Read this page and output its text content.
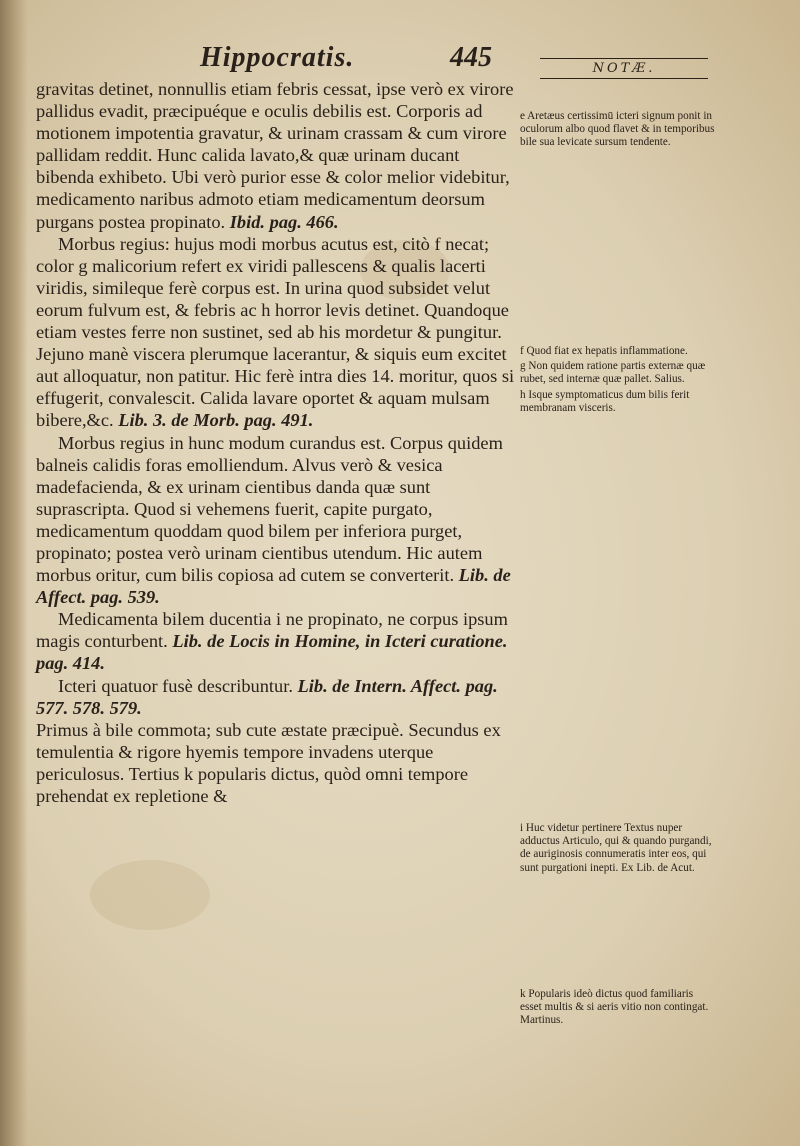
Hippocratis.	445	NOTÆ.

gravitas detinet, nonnullis etiam febris cessat, ipse verò ex virore pallidus evadit, præcipuéque e oculis debilis est. Corporis ad motionem impotentia gravatur, & urinam crassam & cum virore pallidam reddit. Hunc calida lavato,& quæ urinam ducant bibenda exhibeto. Ubi verò purior esse & color melior videbitur, medicamento naribus admoto etiam medicamentum deorsum purgans postea propinato. Ibid. pag. 466.

Morbus regius: hujus modi morbus acutus est, citò f necat; color g malicorium refert ex viridi pallescens & qualis lacerti viridis, simileque ferè corpus est. In urina quod subsidet velut eorum fulvum est, & febris ac h horror levis detinet. Quandoque etiam vestes ferre non sustinet, sed ab his mordetur & pungitur. Jejuno manè viscera plerumque lacerantur, & siquis eum excitet aut alloquatur, non patitur. Hic ferè intra dies 14. moritur, quos si effugerit, convalescit. Calida lavare oportet & aquam mulsam bibere,&c. Lib. 3. de Morb. pag. 491.

Morbus regius in hunc modum curandus est. Corpus quidem balneis calidis foras emolliendum. Alvus verò & vesica madefacienda, & ex urinam cientibus danda quæ sunt suprascripta. Quod si vehemens fuerit, capite purgato, medicamentum quoddam quod bilem per inferiora purget, propinato; postea verò urinam cientibus utendum. Hic autem morbus oritur, cum bilis copiosa ad cutem se converterit. Lib. de Affect. pag. 539.

Medicamenta bilem ducentia i ne propinato, ne corpus ipsum magis conturbent. Lib. de Locis in Homine, in Icteri curatione. pag. 414.

Icteri quatuor fusè describuntur. Lib. de Intern. Affect. pag. 577. 578. 579.

Primus à bile commota; sub cute æstate præcipuè. Secundus ex temulentia & rigore hyemis tempore invadens uterque periculosus. Tertius k popularis dictus, quòd omni tempore prehendat ex repletione &

e Aretæus certissimū icteri signum ponit in oculorum albo quod flavet & in temporibus bile sua levicate sursum tendente.

f Quod fiat ex hepatis inflammatione.

g Non quidem ratione partis externæ quæ rubet, sed internæ quæ pallet. Salius.

h Isque symptomaticus dum bilis ferit membranam visceris.

i Huc videtur pertinere Textus nuper adductus Articulo, qui & quando purgandi, de auriginosis connumeratis inter eos, qui sunt purgationi inepti. Ex Lib. de Acut.

k Popularis ideò dictus quod familiaris esset multis & si aeris vitio non contingat. Martinus.
